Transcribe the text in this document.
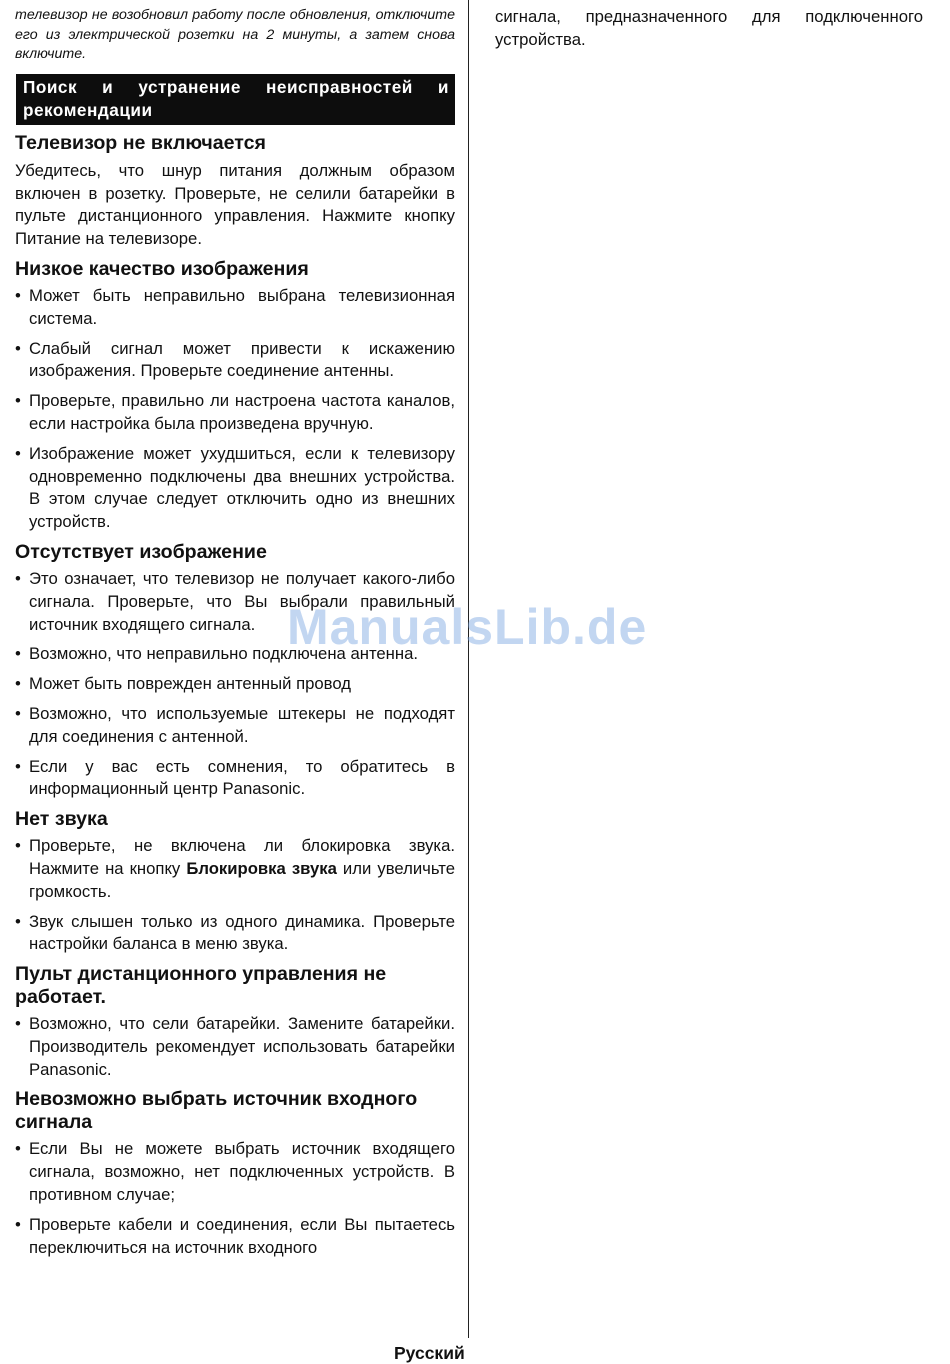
телевизор не возобновил работу после обновления, отключите его из электрической розетки на 2 минуты, а затем снова включите.

Поиск и устранение неисправностей и рекомендации
Телевизор не включается

Убедитесь, что шнур питания должным образом включен в розетку. Проверьте, не селили батарейки в пульте дистанционного управления. Нажмите кнопку Питание на телевизоре.

Низкое качество изображения
• Может быть неправильно выбрана телевизионная система.
• Слабый сигнал может привести к искажению изображения. Проверьте соединение антенны.
• Проверьте, правильно ли настроена частота каналов, если настройка была произведена вручную.
• Изображение может ухудшиться, если к телевизору одновременно подключены два внешних устройства. В этом случае следует отключить одно из внешних устройств.
Отсутствует изображение
• Это означает, что телевизор не получает какого-либо сигнала. Проверьте, что Вы выбрали правильный источник входящего сигнала.
• Возможно, что неправильно подключена антенна.
• Может быть поврежден антенный провод
• Возможно, что используемые штекеры не подходят для соединения с антенной.
• Если у вас есть сомнения, то обратитесь в информационный центр Panasonic.
Нет звука
• Проверьте, не включена ли блокировка звука. Нажмите на кнопку Блокировка звука или увеличьте громкость.
• Звук слышен только из одного динамика. Проверьте настройки баланса в меню звука.
Пульт дистанционного управления не работает.
• Возможно, что сели батарейки. Замените батарейки. Производитель рекомендует использовать батарейки Panasonic.
Невозможно выбрать источник входного сигнала
• Если Вы не можете выбрать источник входящего сигнала, возможно, нет подключенных устройств. В противном случае;
• Проверьте кабели и соединения, если Вы пытаетесь переключиться на источник входного

сигнала, предназначенного для подключенного устройства.

ManualsLib.de
Русский
